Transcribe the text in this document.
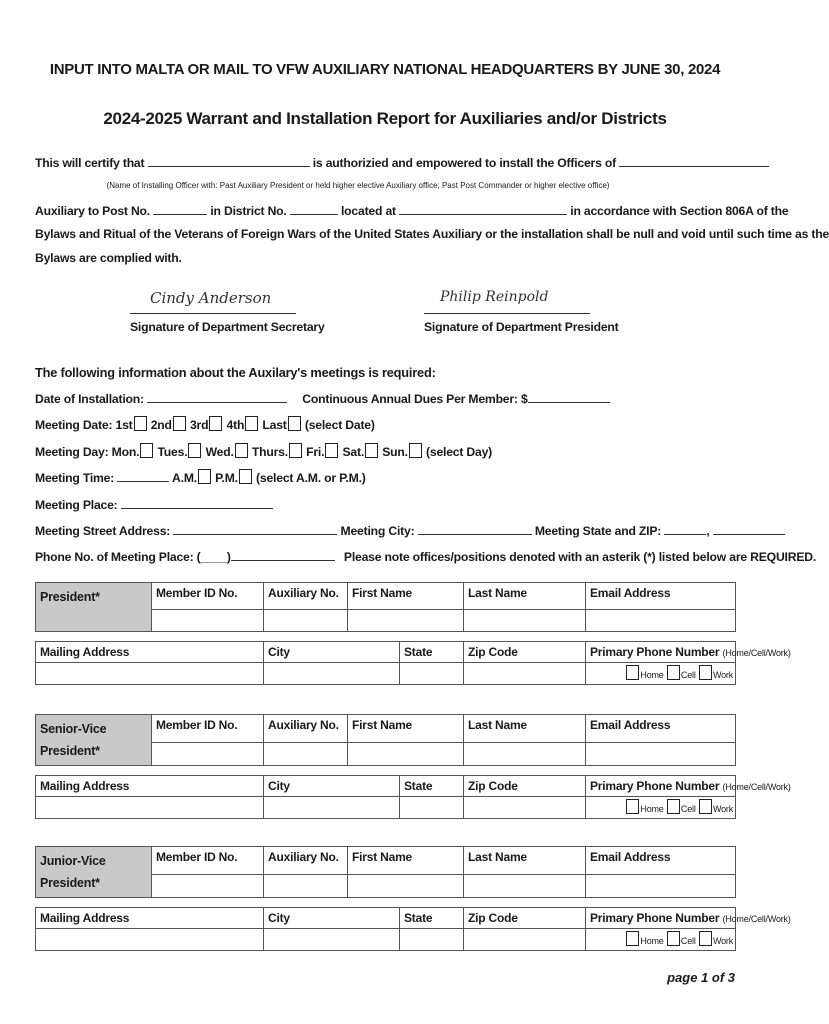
INPUT INTO MALTA OR MAIL TO VFW AUXILIARY NATIONAL HEADQUARTERS BY JUNE 30, 2024
2024-2025 Warrant and Installation Report for Auxiliaries and/or Districts
This will certify that	is authorizied and empowered to install the Officers of
(Name of Installing Officer with: Past Auxiliary President or held higher elective Auxiliary office; Past Post Commander or higher elective office)
Auxiliary to Post No.	in District No.	located at	in accordance with Section 806A of the
Bylaws and Ritual of the Veterans of Foreign Wars of the United States Auxiliary or the installation shall be null and void until such time as the
Bylaws are complied with.
Cindy Anderson
Signature of Department Secretary
Philip Reinpold
Signature of Department President
The following information about the Auxilary's meetings is required:
Date of Installation:	Continuous Annual Dues Per Member: $
Meeting Date: 1st 2nd 3rd 4th Last (select Date)
Meeting Day: Mon. Tues. Wed. Thurs. Fri. Sat. Sun. (select Day)
Meeting Time:	A.M. P.M. (select A.M. or P.M.)
Meeting Place:
Meeting Street Address:	Meeting City:	Meeting State and ZIP:	,
Phone No. of Meeting Place: (____)	Please note offices/positions denoted with an asterik (*) listed below are REQUIRED.
President*	Member ID No.	Auxiliary No.	First Name		Last Name	Email Address

Mailing Address		City		State	Zip Code	Primary Phone Number (Home/Cell/Work)
						Home Cell Work
Senior-Vice President*	Member ID No.	Auxiliary No.	First Name		Last Name	Email Address

Mailing Address		City		State	Zip Code	Primary Phone Number (Home/Cell/Work)
						Home Cell Work
Junior-Vice President*	Member ID No.	Auxiliary No.	First Name		Last Name	Email Address

Mailing Address		City		State	Zip Code	Primary Phone Number (Home/Cell/Work)
						Home Cell Work
page 1 of 3
